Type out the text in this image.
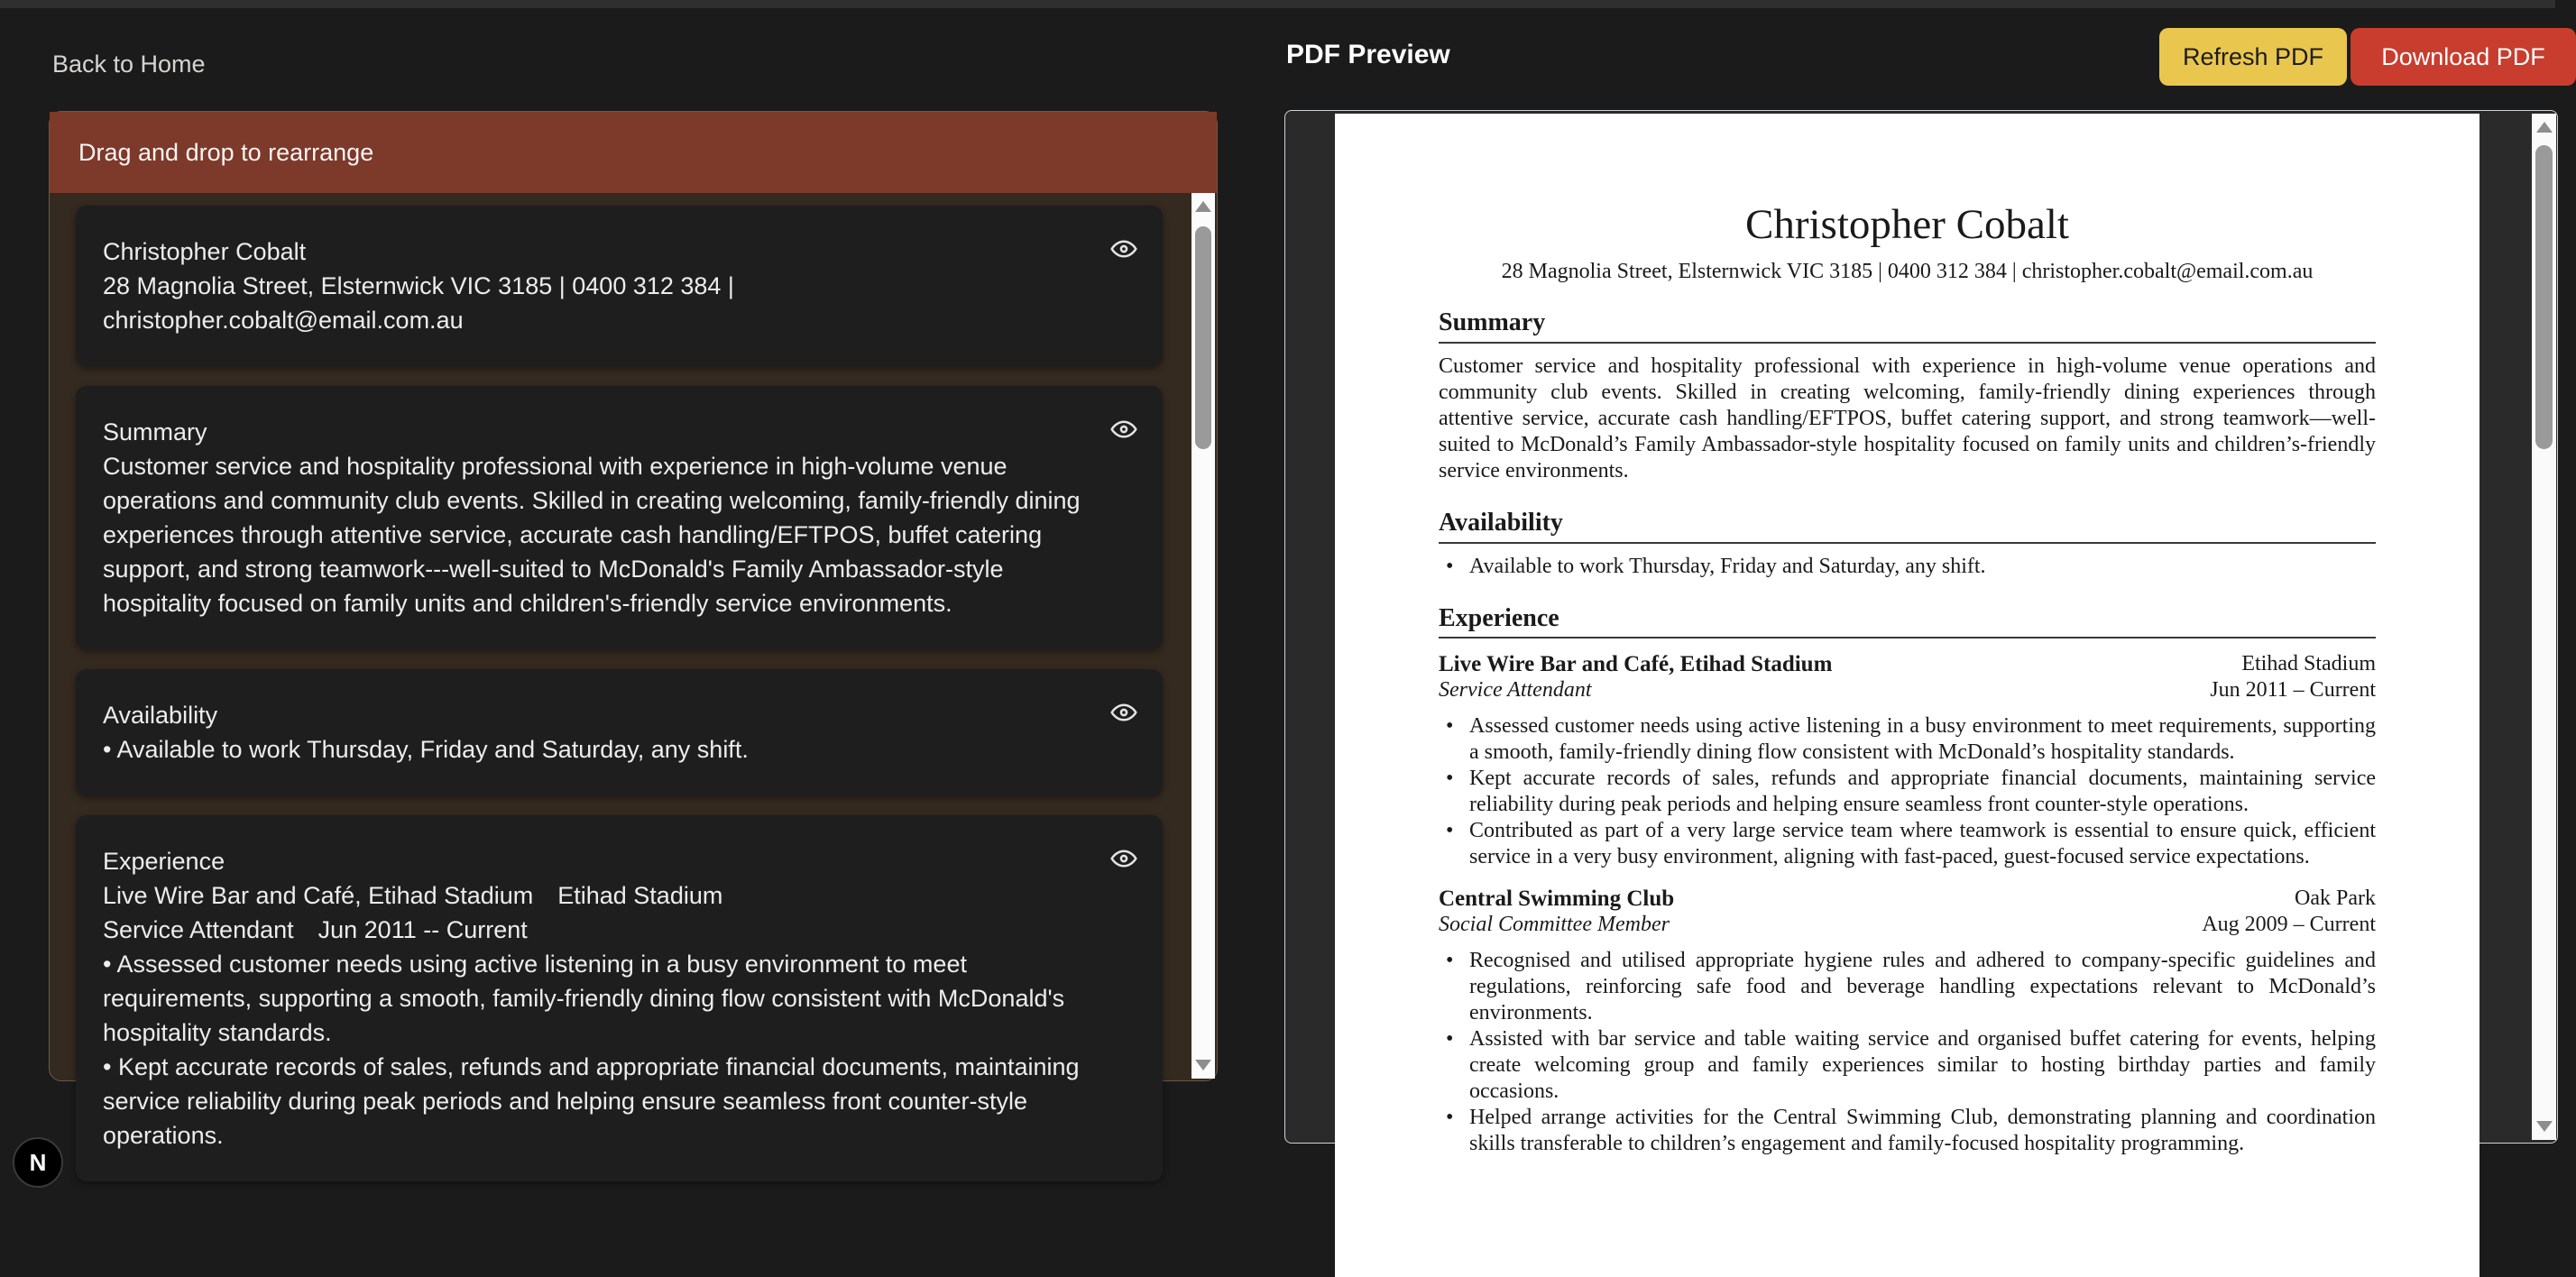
Back to Home
Drag and drop to rearrange

Christopher Cobalt

28 Magnolia Street, Elsternwick VIC 3185 | 0400 312 384 |

christopher.cobalt@email.com.au

Summary

Customer service and hospitality professional with experience in high-volume venue operations and community club events. Skilled in creating welcoming, family-friendly dining experiences through attentive service, accurate cash handling/EFTPOS, buffet catering support, and strong teamwork---well-suited to McDonald's Family Ambassador-style hospitality focused on family units and children's-friendly service environments.

Availability

• Available to work Thursday, Friday and Saturday, any shift.

Experience

Live Wire Bar and Café, Etihad Stadium Etihad Stadium

Service Attendant Jun 2011 -- Current

• Assessed customer needs using active listening in a busy environment to meet requirements, supporting a smooth, family-friendly dining flow consistent with McDonald's hospitality standards.

• Kept accurate records of sales, refunds and appropriate financial documents, maintaining service reliability during peak periods and helping ensure seamless front counter-style operations.

PDF Preview	Refresh PDF	Download PDF
Christopher Cobalt

28 Magnolia Street, Elsternwick VIC 3185 | 0400 312 384 | christopher.cobalt@email.com.au

Summary

Customer service and hospitality professional with experience in high-volume venue operations and community club events. Skilled in creating welcoming, family-friendly dining experiences through attentive service, accurate cash handling/EFTPOS, buffet catering support, and strong teamwork—well-suited to McDonald’s Family Ambassador-style hospitality focused on family units and children’s-friendly service environments.

Availability
• Available to work Thursday, Friday and Saturday, any shift.
Experience
Live Wire Bar and Café, Etihad Stadium	Etihad Stadium
Service Attendant	Jun 2011 – Current
• Assessed customer needs using active listening in a busy environment to meet requirements, supporting a smooth, family-friendly dining flow consistent with McDonald’s hospitality standards.
• Kept accurate records of sales, refunds and appropriate financial documents, maintaining service reliability during peak periods and helping ensure seamless front counter-style operations.
• Contributed as part of a very large service team where teamwork is essential to ensure quick, efficient service in a very busy environment, aligning with fast-paced, guest-focused service expectations.
Central Swimming Club	Oak Park
Social Committee Member	Aug 2009 – Current
• Recognised and utilised appropriate hygiene rules and adhered to company-specific guidelines and regulations, reinforcing safe food and beverage handling expectations relevant to McDonald’s environments.
• Assisted with bar service and table waiting service and organised buffet catering for events, helping create welcoming group and family experiences similar to hosting birthday parties and family occasions.
• Helped arrange activities for the Central Swimming Club, demonstrating planning and coordination skills transferable to children’s engagement and family-focused hospitality programming.
N
